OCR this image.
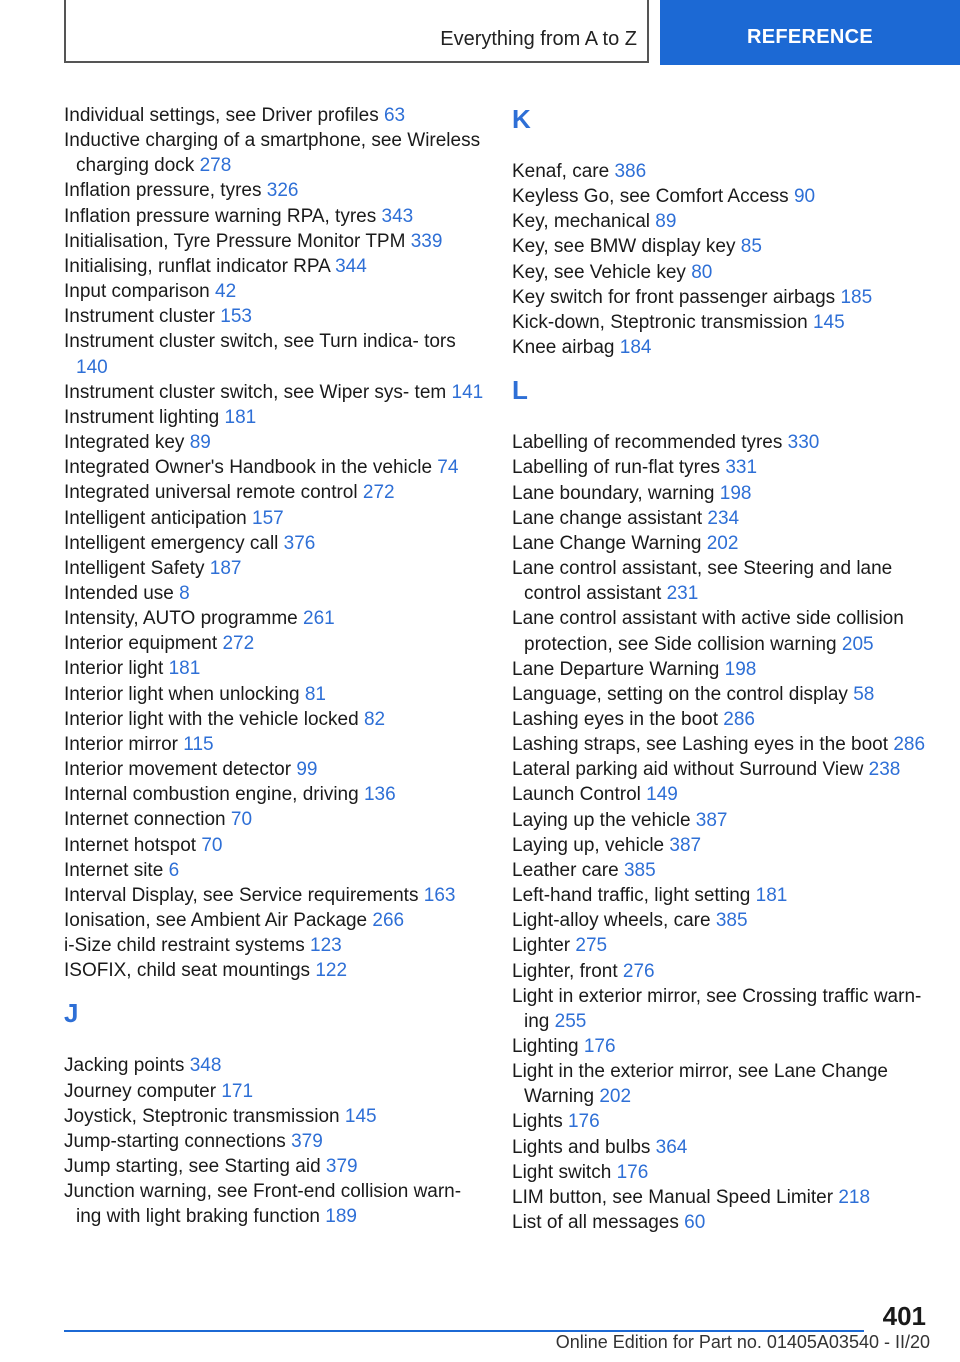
Everything from A to Z	REFERENCE
Individual settings, see Driver profiles 63
Inductive charging of a smartphone, see Wireless charging dock 278
Inflation pressure, tyres 326
Inflation pressure warning RPA, tyres 343
Initialisation, Tyre Pressure Monitor TPM 339
Initialising, runflat indicator RPA 344
Input comparison 42
Instrument cluster 153
Instrument cluster switch, see Turn indica‐ tors 140
Instrument cluster switch, see Wiper sys‐ tem 141
Instrument lighting 181
Integrated key 89
Integrated Owner's Handbook in the vehicle 74
Integrated universal remote control 272
Intelligent anticipation 157
Intelligent emergency call 376
Intelligent Safety 187
Intended use 8
Intensity, AUTO programme 261
Interior equipment 272
Interior light 181
Interior light when unlocking 81
Interior light with the vehicle locked 82
Interior mirror 115
Interior movement detector 99
Internal combustion engine, driving 136
Internet connection 70
Internet hotspot 70
Internet site 6
Interval Display, see Service requirements 163
Ionisation, see Ambient Air Package 266
i-Size child restraint systems 123
ISOFIX, child seat mountings 122
J
Jacking points 348
Journey computer 171
Joystick, Steptronic transmission 145
Jump-starting connections 379
Jump starting, see Starting aid 379
Junction warning, see Front-end collision warn‐ ing with light braking function 189
K
Kenaf, care 386
Keyless Go, see Comfort Access 90
Key, mechanical 89
Key, see BMW display key 85
Key, see Vehicle key 80
Key switch for front passenger airbags 185
Kick-down, Steptronic transmission 145
Knee airbag 184
L
Labelling of recommended tyres 330
Labelling of run-flat tyres 331
Lane boundary, warning 198
Lane change assistant 234
Lane Change Warning 202
Lane control assistant, see Steering and lane control assistant 231
Lane control assistant with active side collision protection, see Side collision warning 205
Lane Departure Warning 198
Language, setting on the control display 58
Lashing eyes in the boot 286
Lashing straps, see Lashing eyes in the boot 286
Lateral parking aid without Surround View 238
Launch Control 149
Laying up the vehicle 387
Laying up, vehicle 387
Leather care 385
Left-hand traffic, light setting 181
Light-alloy wheels, care 385
Lighter 275
Lighter, front 276
Light in exterior mirror, see Crossing traffic warn‐ ing 255
Lighting 176
Light in the exterior mirror, see Lane Change Warning 202
Lights 176
Lights and bulbs 364
Light switch 176
LIM button, see Manual Speed Limiter 218
List of all messages 60
401
Online Edition for Part no. 01405A03540 - II/20
